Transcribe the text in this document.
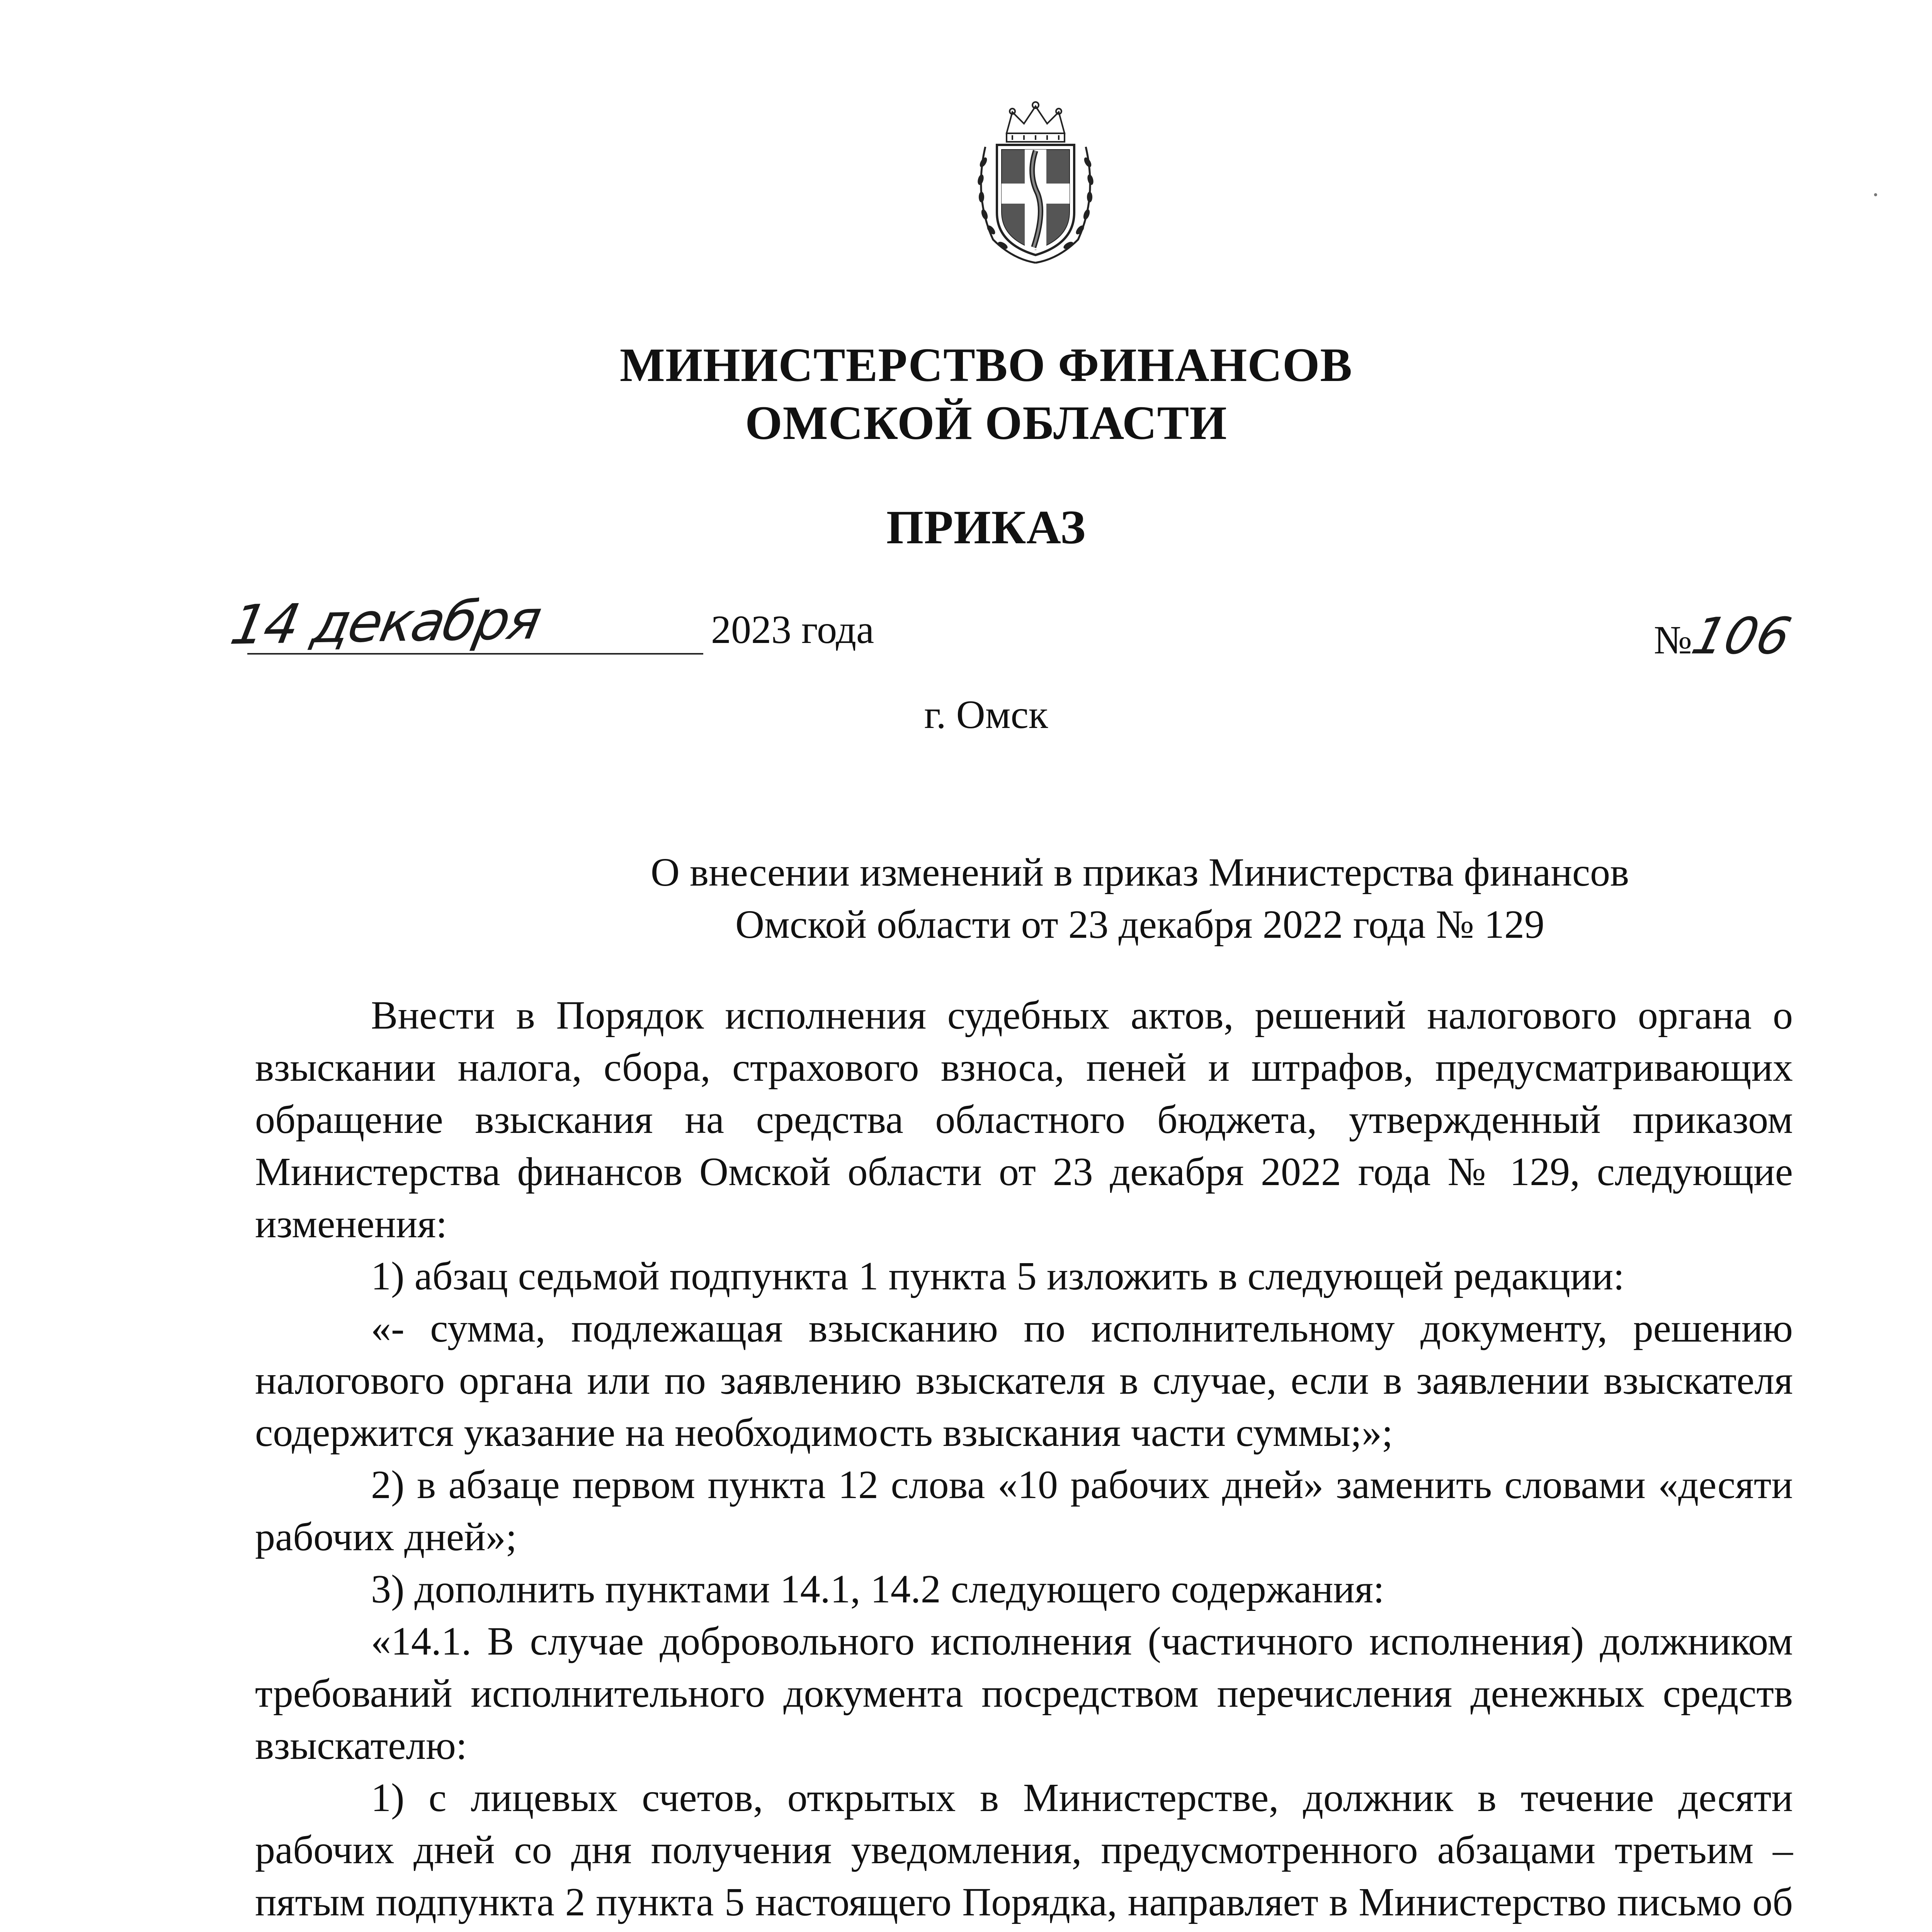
МИНИСТЕРСТВО ФИНАНСОВ
ОМСКОЙ ОБЛАСТИ
ПРИКАЗ
14 декабря	2023 года	№106
г. Омск
О внесении изменений в приказ Министерства финансов
Омской области от 23 декабря 2022 года № 129

Внести в Порядок исполнения судебных актов, решений налогового органа о взыскании налога, сбора, страхового взноса, пеней и штрафов, предусматривающих обращение взыскания на средства областного бюджета, утвержденный приказом Министерства финансов Омской области от 23 декабря 2022 года № 129, следующие изменения:

1) абзац седьмой подпункта 1 пункта 5 изложить в следующей редакции:

«- сумма, подлежащая взысканию по исполнительному документу, решению налогового органа или по заявлению взыскателя в случае, если в заявлении взыскателя содержится указание на необходимость взыскания части суммы;»;

2) в абзаце первом пункта 12 слова «10 рабочих дней» заменить словами «десяти рабочих дней»;

3) дополнить пунктами 14.1, 14.2 следующего содержания:

«14.1. В случае добровольного исполнения (частичного исполнения) должником требований исполнительного документа посредством перечисления денежных средств взыскателю:

1) с лицевых счетов, открытых в Министерстве, должник в течение десяти рабочих дней со дня получения уведомления, предусмотренного абзацами третьим – пятым подпункта 2 пункта 5 настоящего Порядка, направляет в Министерство письмо об
